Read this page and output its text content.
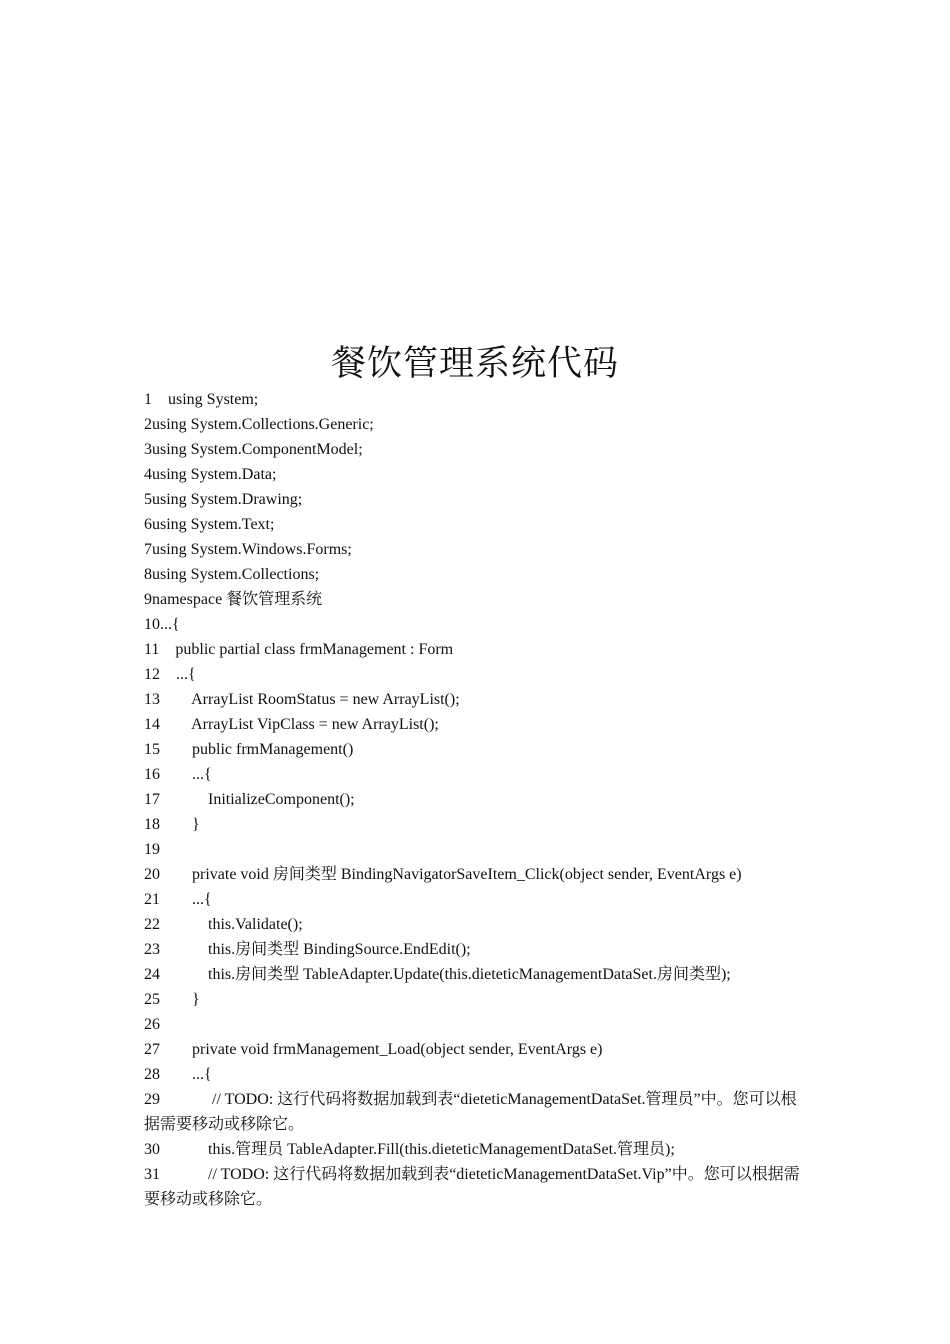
餐饮管理系统代码
1    using System;
2using System.Collections.Generic;
3using System.ComponentModel;
4using System.Data;
5using System.Drawing;
6using System.Text;
7using System.Windows.Forms;
8using System.Collections;
9namespace 餐饮管理系统
10...{
11    public partial class frmManagement : Form
12    ...{
13        ArrayList RoomStatus = new ArrayList();
14        ArrayList VipClass = new ArrayList();
15        public frmManagement()
16        ...{
17            InitializeComponent();
18        }
19
20        private void 房间类型 BindingNavigatorSaveItem_Click(object sender, EventArgs e)
21        ...{
22            this.Validate();
23            this.房间类型 BindingSource.EndEdit();
24            this.房间类型 TableAdapter.Update(this.dieteticManagementDataSet.房间类型);
25        }
26
27        private void frmManagement_Load(object sender, EventArgs e)
28        ...{
29             // TODO: 这行代码将数据加载到表“dieteticManagementDataSet.管理员”中。您可以根据需要移动或移除它。
30            this.管理员 TableAdapter.Fill(this.dieteticManagementDataSet.管理员);
31            // TODO: 这行代码将数据加载到表“dieteticManagementDataSet.Vip”中。您可以根据需要移动或移除它。
